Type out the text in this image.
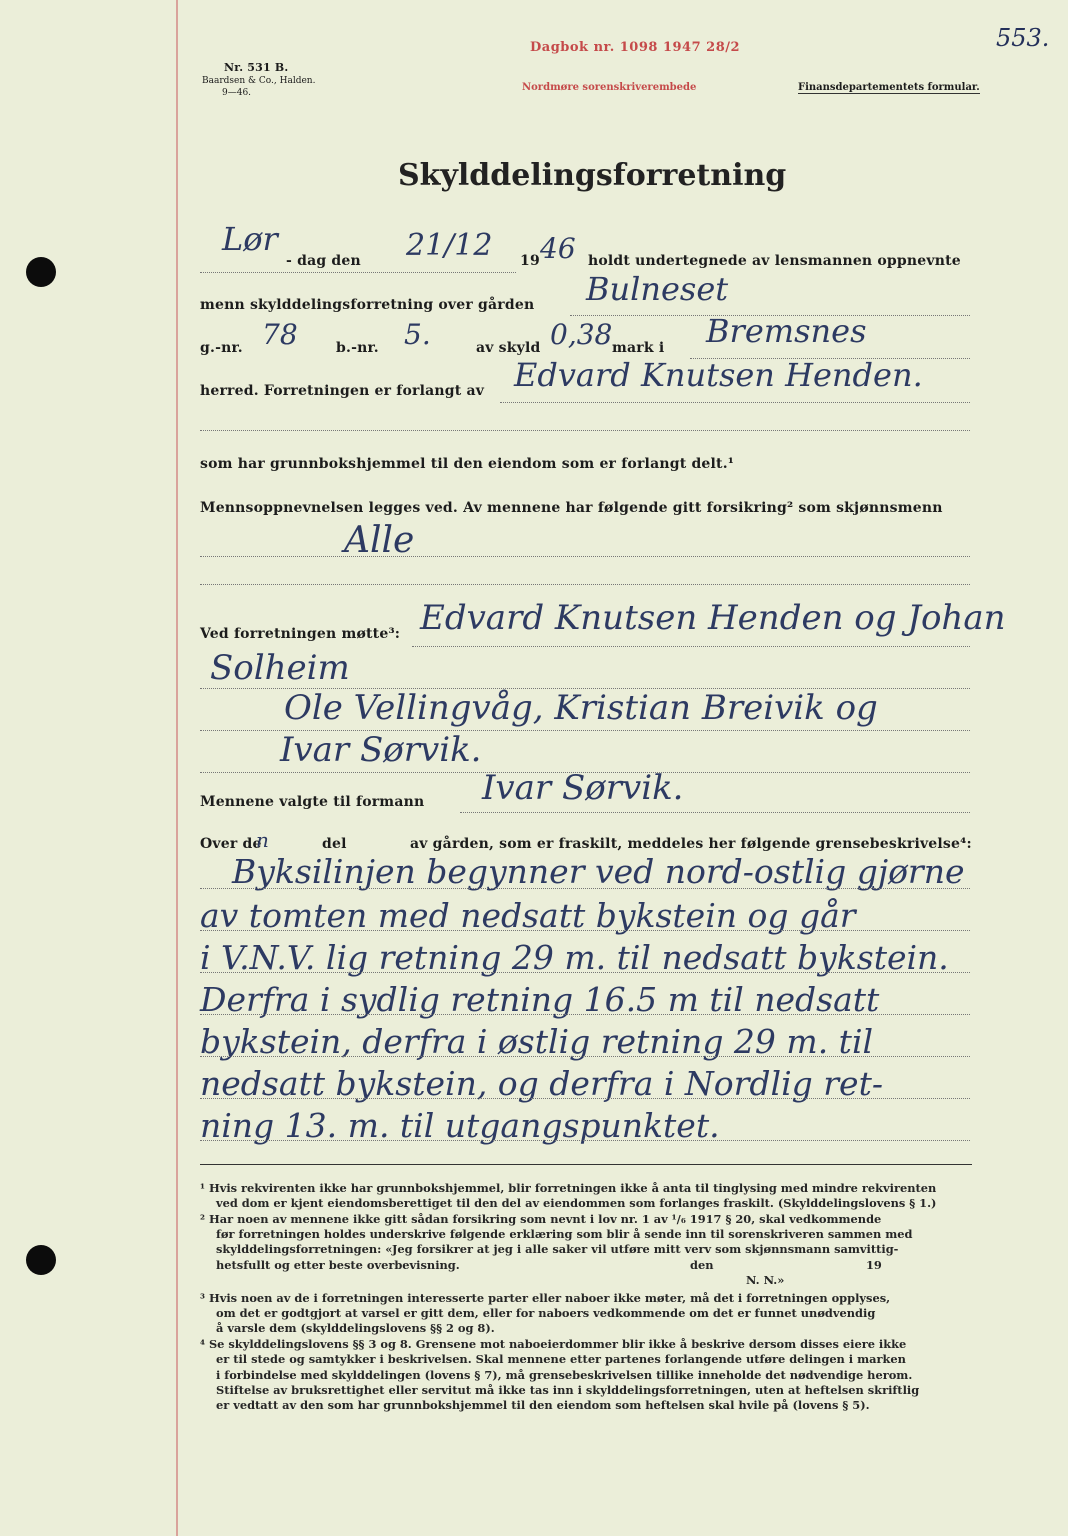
Nr. 531 B.
Baardsen & Co., Halden.
9—46.
Dagbok nr. 1098 1947 28/2
Nordmøre sorenskriverembede	Finansdepartementets formular.
553.
Skylddelingsforretning
Lør
- dag den 21/12 19 46 holdt undertegnede av lensmannen oppnevnte
menn skylddelingsforretning over gården Bulneset
g.-nr. 78	b.-nr. 5.	av skyld 0,38 mark i Bremsnes
herred. Forretningen er forlangt av Edvard Knutsen Henden.
som har grunnbokshjemmel til den eiendom som er forlangt delt.¹
Mennsoppnevnelsen legges ved. Av mennene har følgende gitt forsikring² som skjønnsmenn
Alle
Ved forretningen møtte³: Edvard Knutsen Henden og Johan
Solheim
Ole Vellingvåg, Kristian Breivik og
Ivar Sørvik.
Mennene valgte til formann Ivar Sørvik.
Over de
n	del	av gården, som er fraskilt, meddeles her følgende grensebeskrivelse⁴:
Byksilinjen begynner ved nord-ostlig gjørne
av tomten med nedsatt bykstein og går
i V.N.V. lig retning 29 m. til nedsatt bykstein.
Derfra i sydlig retning 16.5 m til nedsatt
bykstein, derfra i østlig retning 29 m. til
nedsatt bykstein, og derfra i Nordlig ret-
ning 13. m. til utgangspunktet.
¹ Hvis rekvirenten ikke har grunnbokshjemmel, blir forretningen ikke å anta til tinglysing med mindre rekvirenten
ved dom er kjent eiendomsberettiget til den del av eiendommen som forlanges fraskilt. (Skylddelingslovens § 1.)
² Har noen av mennene ikke gitt sådan forsikring som nevnt i lov nr. 1 av ¹/₆ 1917 § 20, skal vedkommende
før forretningen holdes underskrive følgende erklæring som blir å sende inn til sorenskriveren sammen med
skylddelingsforretningen: «Jeg forsikrer at jeg i alle saker vil utføre mitt verv som skjønnsmann samvittig-
hetsfullt og etter beste overbevisning.	den	19
N. N.»
³ Hvis noen av de i forretningen interesserte parter eller naboer ikke møter, må det i forretningen opplyses,
om det er godtgjort at varsel er gitt dem, eller for naboers vedkommende om det er funnet unødvendig
å varsle dem (skylddelingslovens §§ 2 og 8).
⁴ Se skylddelingslovens §§ 3 og 8. Grensene mot naboeierdommer blir ikke å beskrive dersom disses eiere ikke
er til stede og samtykker i beskrivelsen. Skal mennene etter partenes forlangende utføre delingen i marken
i forbindelse med skylddelingen (lovens § 7), må grensebeskrivelsen tillike inneholde det nødvendige herom.
Stiftelse av bruksrettighet eller servitut må ikke tas inn i skylddelingsforretningen, uten at heftelsen skriftlig
er vedtatt av den som har grunnbokshjemmel til den eiendom som heftelsen skal hvile på (lovens § 5).
